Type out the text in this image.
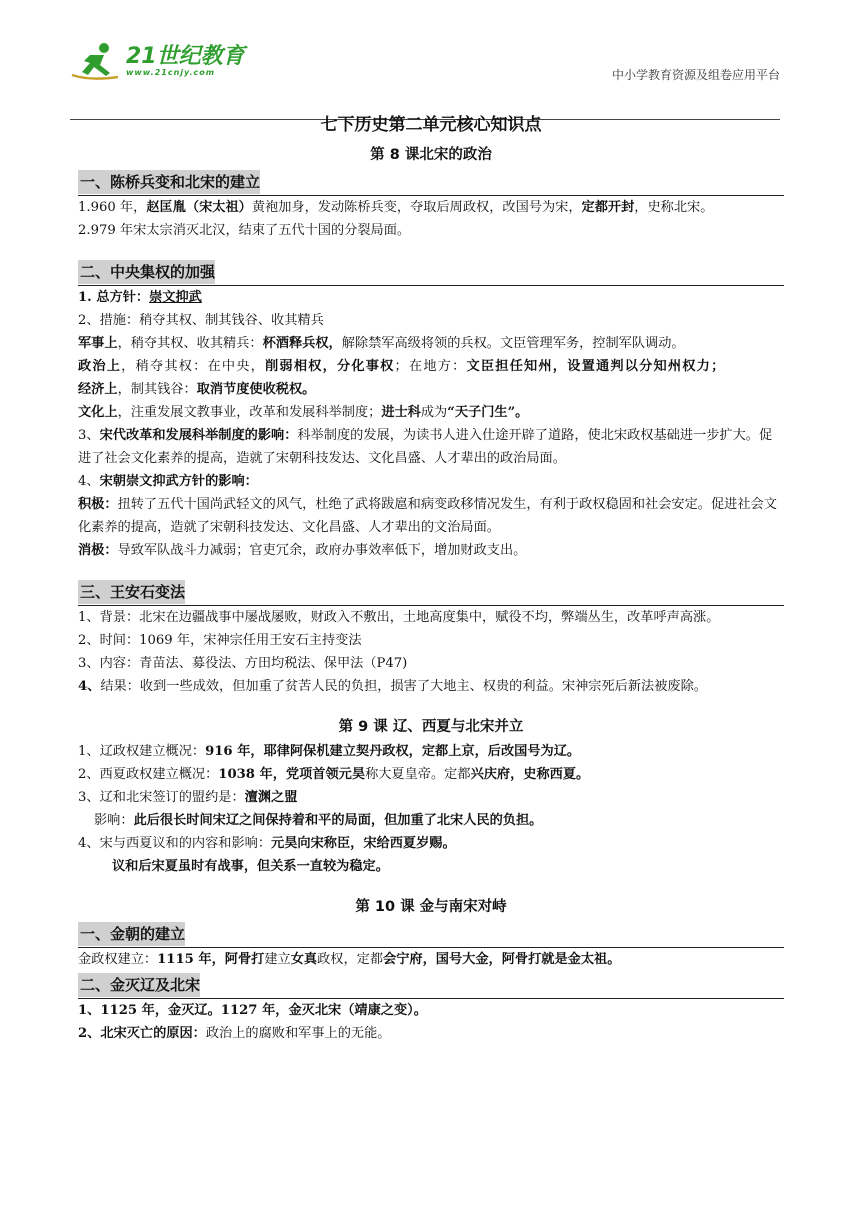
21世纪教育
www.21cnjy.com	中小学教育资源及组卷应用平台
七下历史第二单元核心知识点
第 8 课北宋的政治
一、陈桥兵变和北宋的建立

1.960 年，赵匡胤（宋太祖）黄袍加身，发动陈桥兵变，夺取后周政权，改国号为宋，定都开封，史称北宋。

2.979 年宋太宗消灭北汉，结束了五代十国的分裂局面。

二、中央集权的加强

1. 总方针：崇文抑武

2、措施：稍夺其权、制其钱谷、收其精兵

军事上，稍夺其权、收其精兵：杯酒释兵权，解除禁军高级将领的兵权。文臣管理军务，控制军队调动。

政治上，稍夺其权：在中央，削弱相权，分化事权；在地方：文臣担任知州，设置通判以分知州权力；

经济上，制其钱谷：取消节度使收税权。

文化上，注重发展文教事业，改革和发展科举制度；进士科成为“天子门生”。

3、宋代改革和发展科举制度的影响：科举制度的发展，为读书人进入仕途开辟了道路，使北宋政权基础进一步扩大。促进了社会文化素养的提高，造就了宋朝科技发达、文化昌盛、人才辈出的政治局面。

4、宋朝崇文抑武方针的影响：

积极：扭转了五代十国尚武轻文的风气，杜绝了武将跋扈和病变政移情况发生，有利于政权稳固和社会安定。促进社会文化素养的提高，造就了宋朝科技发达、文化昌盛、人才辈出的文治局面。

消极：导致军队战斗力减弱；官吏冗余，政府办事效率低下，增加财政支出。

三、王安石变法

1、背景：北宋在边疆战事中屡战屡败，财政入不敷出，土地高度集中，赋役不均，弊端丛生，改革呼声高涨。

2、时间：1069 年，宋神宗任用王安石主持变法

3、内容：青苗法、募役法、方田均税法、保甲法（P47)

4、结果：收到一些成效，但加重了贫苦人民的负担，损害了大地主、权贵的利益。宋神宗死后新法被废除。

第 9 课 辽、西夏与北宋并立

1、辽政权建立概况：916 年，耶律阿保机建立契丹政权，定都上京，后改国号为辽。

2、西夏政权建立概况：1038 年，党项首领元昊称大夏皇帝。定都兴庆府，史称西夏。

3、辽和北宋签订的盟约是：澶渊之盟

影响：此后很长时间宋辽之间保持着和平的局面，但加重了北宋人民的负担。

4、宋与西夏议和的内容和影响：元昊向宋称臣，宋给西夏岁赐。

议和后宋夏虽时有战事，但关系一直较为稳定。

第 10 课 金与南宋对峙
一、金朝的建立

金政权建立：1115 年，阿骨打建立女真政权，定都会宁府，国号大金，阿骨打就是金太祖。

二、金灭辽及北宋

1、1125 年，金灭辽。1127 年，金灭北宋（靖康之变）。

2、北宋灭亡的原因：政治上的腐败和军事上的无能。
